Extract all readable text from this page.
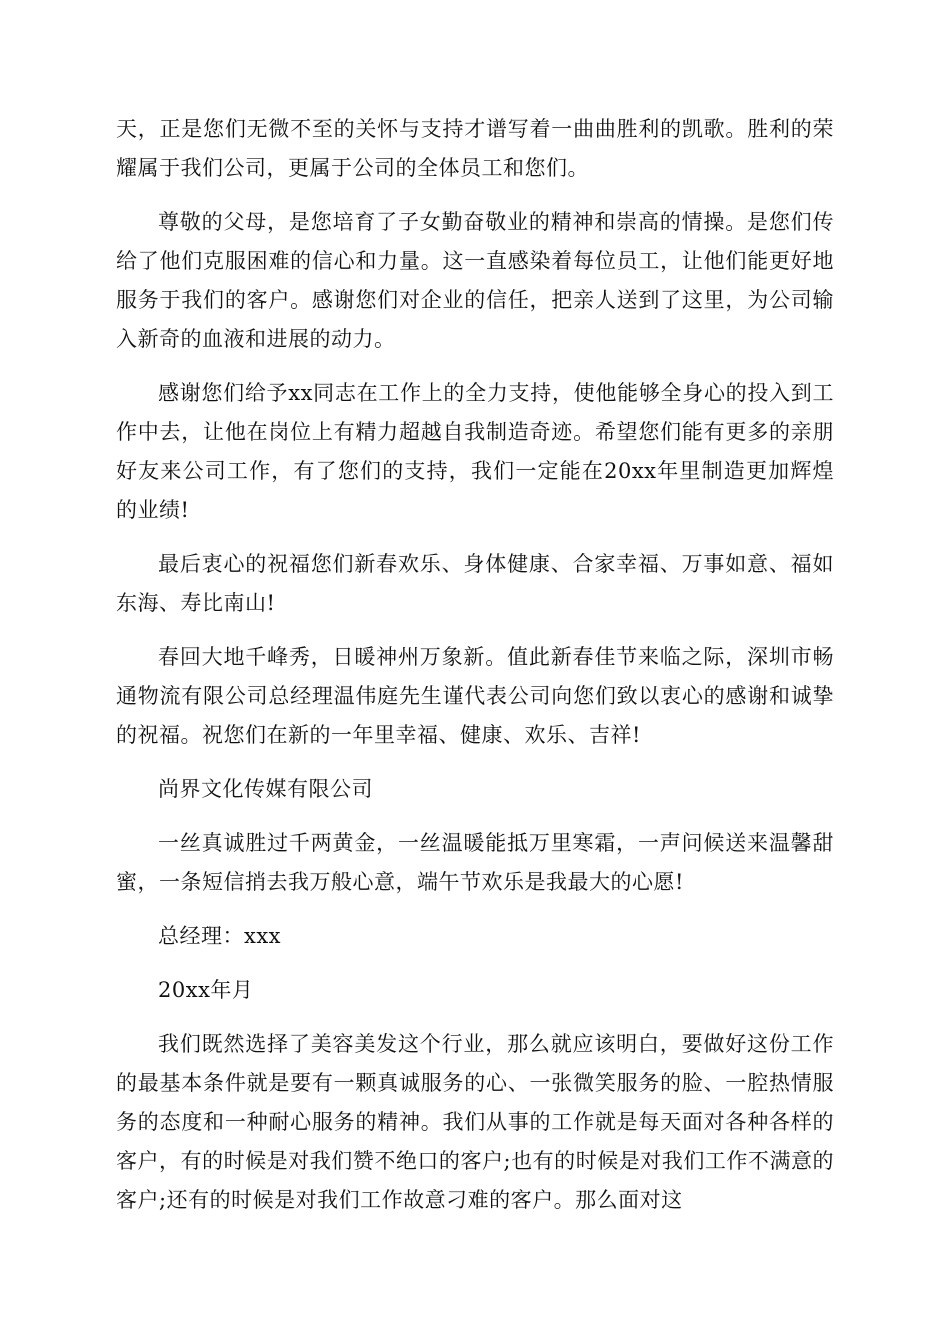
天，正是您们无微不至的关怀与支持才谱写着一曲曲胜利的凯歌。胜利的荣耀属于我们公司，更属于公司的全体员工和您们。

尊敬的父母，是您培育了子女勤奋敬业的精神和崇高的情操。是您们传给了他们克服困难的信心和力量。这一直感染着每位员工，让他们能更好地服务于我们的客户。感谢您们对企业的信任，把亲人送到了这里，为公司输入新奇的血液和进展的动力。

感谢您们给予xx同志在工作上的全力支持，使他能够全身心的投入到工作中去，让他在岗位上有精力超越自我制造奇迹。希望您们能有更多的亲朋好友来公司工作，有了您们的支持，我们一定能在20xx年里制造更加辉煌的业绩!

最后衷心的祝福您们新春欢乐、身体健康、合家幸福、万事如意、福如东海、寿比南山!

春回大地千峰秀，日暖神州万象新。值此新春佳节来临之际，深圳市畅通物流有限公司总经理温伟庭先生谨代表公司向您们致以衷心的感谢和诚挚的祝福。祝您们在新的一年里幸福、健康、欢乐、吉祥!

尚界文化传媒有限公司

一丝真诚胜过千两黄金，一丝温暖能抵万里寒霜，一声问候送来温馨甜蜜，一条短信捎去我万般心意，端午节欢乐是我最大的心愿!

总经理：xxx

20xx年月

我们既然选择了美容美发这个行业，那么就应该明白，要做好这份工作的最基本条件就是要有一颗真诚服务的心、一张微笑服务的脸、一腔热情服务的态度和一种耐心服务的精神。我们从事的工作就是每天面对各种各样的客户，有的时候是对我们赞不绝口的客户;也有的时候是对我们工作不满意的客户;还有的时候是对我们工作故意刁难的客户。那么面对这
